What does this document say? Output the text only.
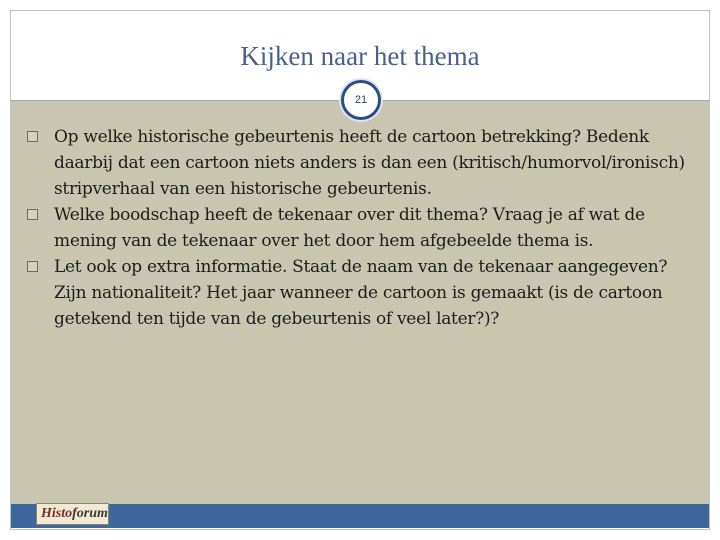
Kijken naar het thema
21
Op welke historische gebeurtenis heeft de cartoon betrekking? Bedenk daarbij dat een cartoon niets anders is dan een (kritisch/humorvol/ironisch) stripverhaal van een historische gebeurtenis.
Welke boodschap heeft de tekenaar over dit thema? Vraag je af wat de mening van de tekenaar over het door hem afgebeelde thema is.
Let ook op extra informatie. Staat de naam van de tekenaar aangegeven? Zijn nationaliteit? Het jaar wanneer de cartoon is gemaakt (is de cartoon getekend ten tijde van de gebeurtenis of veel later?)?
Histo forum
